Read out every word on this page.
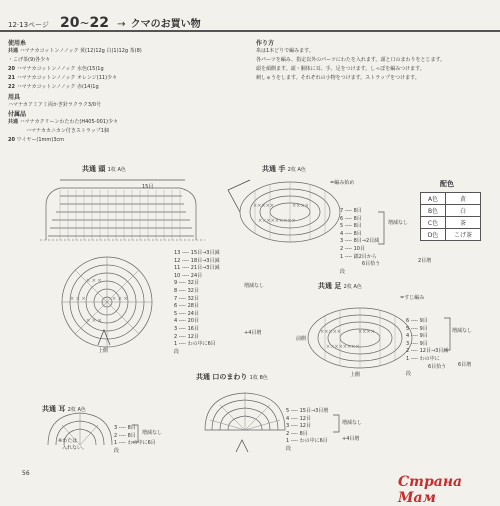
12·13ページ 20~22 → クマのお買い物
使用糸
共通 ハマナカコットンノノック 黄(12)12g 白(1)12g 茶(8)
・こげ茶(9)各少々
20 ハマナカコットンノノック 水色(15)1g
21 ハマナカコットンノノック オレンジ(11)少々
22 ハマナカコットンノノック 赤(14)1g
用具
ハマナカアミアミ両かぎ針ラクラク3/0号
付属品
共通 ハマナカクリーンわたわた(H405-001)少々
ハマナカカニカン付きストラップ1個
20 ワイヤー(1mm)3cm
作り方
糸は1本どりで編みます。
各パーツを編み、指定以外のパーツにわたを入れます。頭と口のまわりをとじます。
頭を顔側ます。頭・胴体に耳、手、足をつけます。しっぽを編みつけます。
刺しゅうをします。それぞれの小物をつけます。ストラップをつけます。
×××××	××××
×××××××××
×××××	××××
××××××××
× × ×	× × ×
× × ×
× × ×
共通 頭 1枚 A色	共通 手 2枚 A色
共通 足 2枚 A色
共通 口のまわり 1枚 B色
共通 耳 2枚 A色
15目
13 ---- 15目→3目減
12 ---- 18目→3目減
11 ---- 21目→3目減
10 ---- 24目
9 ---- 32目
8 ---- 32目
7 ---- 32目
6 ---- 28目
5 ---- 24目
4 ---- 20目
3 ---- 16目
2 ---- 12目
1 ---- わの中に6目
段
増減なし
+4目増
上側
=編み始め
7 ---- 8目
6 ---- 8目
5 ---- 8目
4 ---- 8目
3 ---- 8目→2目減
2 ---- 10目
1 ---- 鎖2目から
6目拾う
段
増減なし
2目増
配色
A色	黄
B色	白
C色	茶
D色	こげ茶
=すじ編み
前側
上側
6 ---- 9目
5 ---- 9目
4 ---- 9目
3 ---- 9目
2 ---- 12目→3目減
1 ---- わの中に
6目拾う
段
増減なし
6目増
5 ---- 15目→3目増
4 ---- 12目
3 ---- 12目
2 ---- 8目
1 ---- わの中に6目
段
増減なし
+4目増
※わたは
入れない。
3 ---- 8目
2 ---- 8目
1 ---- わの中に6目
段
増減なし
56
Страна Мам
